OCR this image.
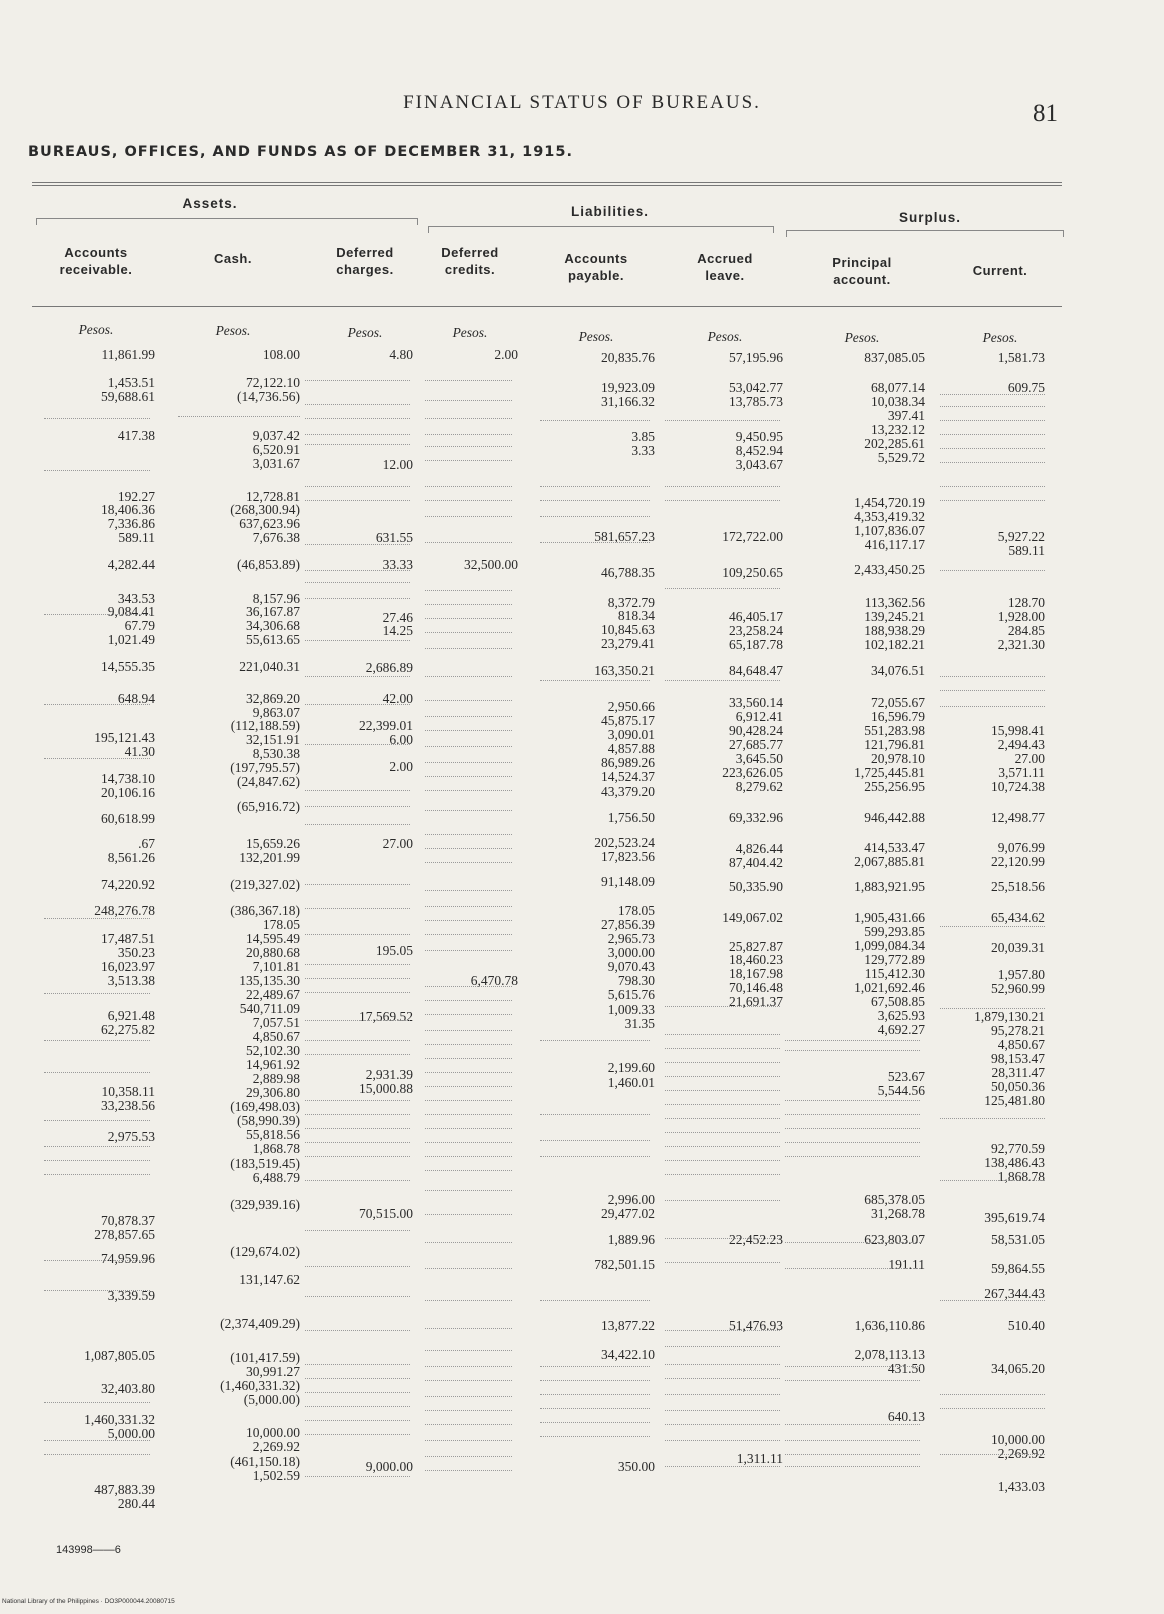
FINANCIAL STATUS OF BUREAUS.	81
BUREAUS, OFFICES, AND FUNDS AS OF DECEMBER 31, 1915.
Assets.
Liabilities.	Surplus.
Accounts
receivable.
Pesos.
Cash.
Pesos.
Deferred
charges.
Pesos.
Deferred
credits.
Pesos.
Accounts
payable.
Pesos.
Accrued
leave.
Pesos.
Principal
account.
Pesos.
Current.
Pesos.
11,861.99
1,453.51
59,688.61
417.38
192.27
18,406.36
7,336.86
589.11
4,282.44
343.53
9,084.41
67.79
1,021.49
14,555.35
648.94
195,121.43
41.30
14,738.10
20,106.16
60,618.99
.67
8,561.26
74,220.92
248,276.78
17,487.51
350.23
16,023.97
3,513.38
6,921.48
62,275.82
10,358.11
33,238.56
2,975.53
70,878.37
278,857.65
74,959.96
3,339.59
1,087,805.05
32,403.80
1,460,331.32
5,000.00
487,883.39
280.44
108.00
72,122.10
(14,736.56)
9,037.42
6,520.91
3,031.67
12,728.81
(268,300.94)
637,623.96
7,676.38
(46,853.89)
8,157.96
36,167.87
34,306.68
55,613.65
221,040.31
32,869.20
9,863.07
(112,188.59)
32,151.91
8,530.38
(197,795.57)
(24,847.62)
(65,916.72)
15,659.26
132,201.99
(219,327.02)
(386,367.18)
178.05
14,595.49
20,880.68
7,101.81
135,135.30
22,489.67
540,711.09
7,057.51
4,850.67
52,102.30
14,961.92
2,889.98
29,306.80
(169,498.03)
(58,990.39)
55,818.56
1,868.78
(183,519.45)
6,488.79
(329,939.16)
(129,674.02)
131,147.62
(2,374,409.29)
(101,417.59)
30,991.27
(1,460,331.32)
(5,000.00)
10,000.00
2,269.92
(461,150.18)
1,502.59
4.80
12.00
631.55
33.33
27.46
14.25
2,686.89
42.00
22,399.01
6.00
2.00
27.00
195.05
17,569.52
2,931.39
15,000.88
70,515.00
9,000.00
2.00
32,500.00
6,470.78
20,835.76
19,923.09
31,166.32
3.85
3.33
581,657.23
46,788.35
8,372.79
818.34
10,845.63
23,279.41
163,350.21
2,950.66
45,875.17
3,090.01
4,857.88
86,989.26
14,524.37
43,379.20
1,756.50
202,523.24
17,823.56
91,148.09
178.05
27,856.39
2,965.73
3,000.00
9,070.43
798.30
5,615.76
1,009.33
31.35
2,199.60
1,460.01
2,996.00
29,477.02
1,889.96
782,501.15
13,877.22
34,422.10
350.00
57,195.96
53,042.77
13,785.73
9,450.95
8,452.94
3,043.67
172,722.00
109,250.65
46,405.17
23,258.24
65,187.78
84,648.47
33,560.14
6,912.41
90,428.24
27,685.77
3,645.50
223,626.05
8,279.62
69,332.96
4,826.44
87,404.42
50,335.90
149,067.02
25,827.87
18,460.23
18,167.98
70,146.48
21,691.37
22,452.23
51,476.93
1,311.11
837,085.05
68,077.14
10,038.34
397.41
13,232.12
202,285.61
5,529.72
1,454,720.19
4,353,419.32
1,107,836.07
416,117.17
2,433,450.25
113,362.56
139,245.21
188,938.29
102,182.21
34,076.51
72,055.67
16,596.79
551,283.98
121,796.81
20,978.10
1,725,445.81
255,256.95
946,442.88
414,533.47
2,067,885.81
1,883,921.95
1,905,431.66
599,293.85
1,099,084.34
129,772.89
115,412.30
1,021,692.46
67,508.85
3,625.93
4,692.27
523.67
5,544.56
685,378.05
31,268.78
623,803.07
191.11
1,636,110.86
2,078,113.13
431.50
640.13
1,581.73
609.75
5,927.22
589.11
128.70
1,928.00
284.85
2,321.30
15,998.41
2,494.43
27.00
3,571.11
10,724.38
12,498.77
9,076.99
22,120.99
25,518.56
65,434.62
20,039.31
1,957.80
52,960.99
1,879,130.21
95,278.21
4,850.67
98,153.47
28,311.47
50,050.36
125,481.80
92,770.59
138,486.43
1,868.78
395,619.74
58,531.05
59,864.55
267,344.43
510.40
34,065.20
10,000.00
2,269.92
1,433.03
143998——6
National Library of the Philippines · DO3P000044.20080715
